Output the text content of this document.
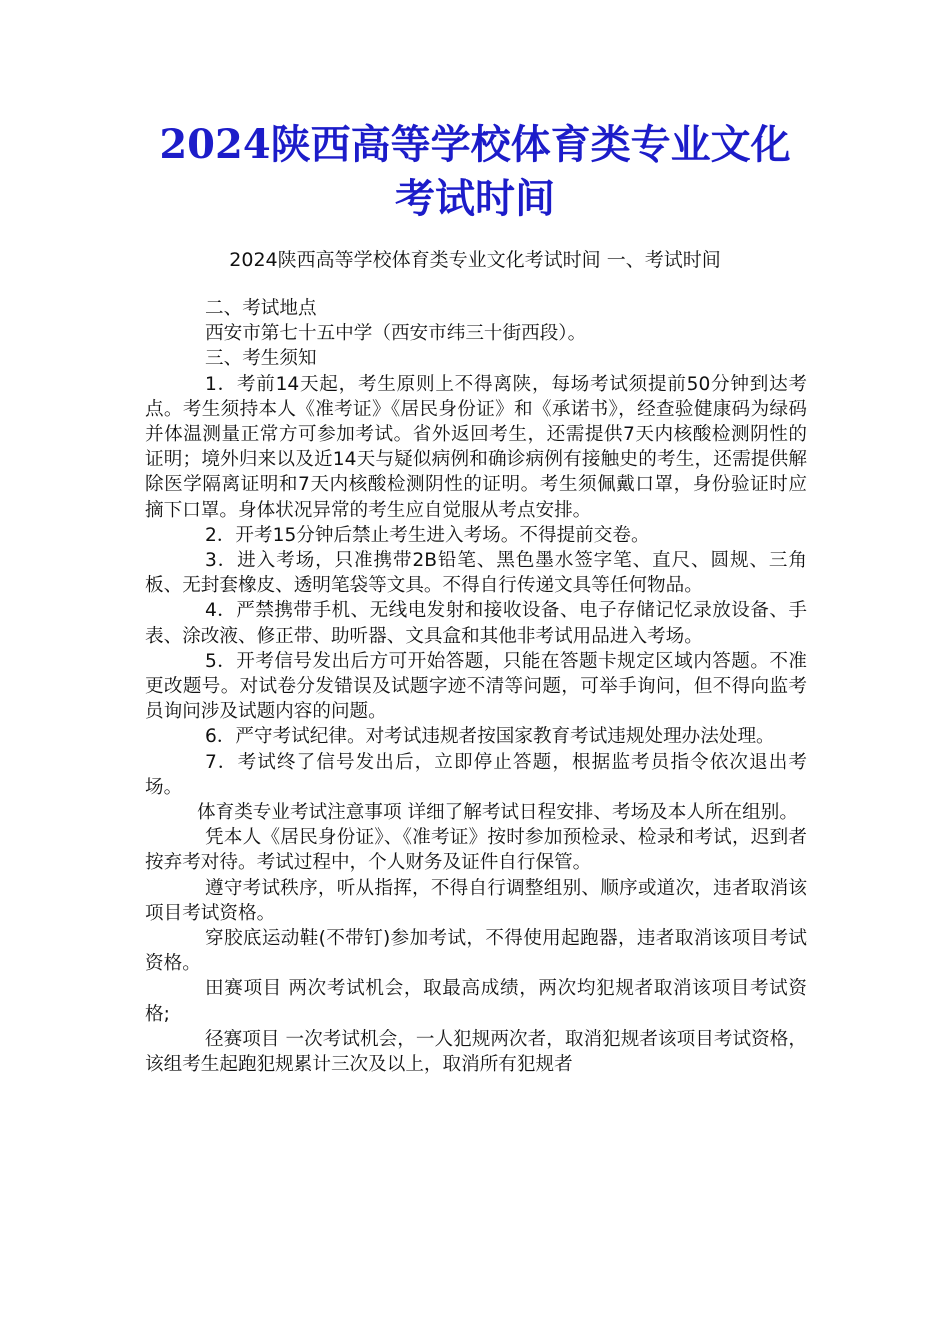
2024陕西高等学校体育类专业文化
考试时间

2024陕西高等学校体育类专业文化考试时间 一、考试时间

二、考试地点

西安市第七十五中学（西安市纬三十街西段）。

三、考生须知

1．考前14天起，考生原则上不得离陕，每场考试须提前50分钟到达考点。考生须持本人《准考证》《居民身份证》和《承诺书》，经查验健康码为绿码并体温测量正常方可参加考试。省外返回考生，还需提供7天内核酸检测阴性的证明；境外归来以及近14天与疑似病例和确诊病例有接触史的考生，还需提供解除医学隔离证明和7天内核酸检测阴性的证明。考生须佩戴口罩，身份验证时应摘下口罩。身体状况异常的考生应自觉服从考点安排。

2．开考15分钟后禁止考生进入考场。不得提前交卷。

3．进入考场，只准携带2B铅笔、黑色墨水签字笔、直尺、圆规、三角板、无封套橡皮、透明笔袋等文具。不得自行传递文具等任何物品。

4．严禁携带手机、无线电发射和接收设备、电子存储记忆录放设备、手表、涂改液、修正带、助听器、文具盒和其他非考试用品进入考场。

5．开考信号发出后方可开始答题，只能在答题卡规定区域内答题。不准更改题号。对试卷分发错误及试题字迹不清等问题，可举手询问，但不得向监考员询问涉及试题内容的问题。

6．严守考试纪律。对考试违规者按国家教育考试违规处理办法处理。

7．考试终了信号发出后，立即停止答题，根据监考员指令依次退出考场。

体育类专业考试注意事项 详细了解考试日程安排、考场及本人所在组别。

凭本人《居民身份证》、《准考证》按时参加预检录、检录和考试，迟到者按弃考对待。考试过程中，个人财务及证件自行保管。

遵守考试秩序，听从指挥，不得自行调整组别、顺序或道次，违者取消该项目考试资格。

穿胶底运动鞋(不带钉)参加考试，不得使用起跑器，违者取消该项目考试资格。

田赛项目 两次考试机会，取最高成绩，两次均犯规者取消该项目考试资格;

径赛项目 一次考试机会，一人犯规两次者，取消犯规者该项目考试资格，该组考生起跑犯规累计三次及以上，取消所有犯规者
